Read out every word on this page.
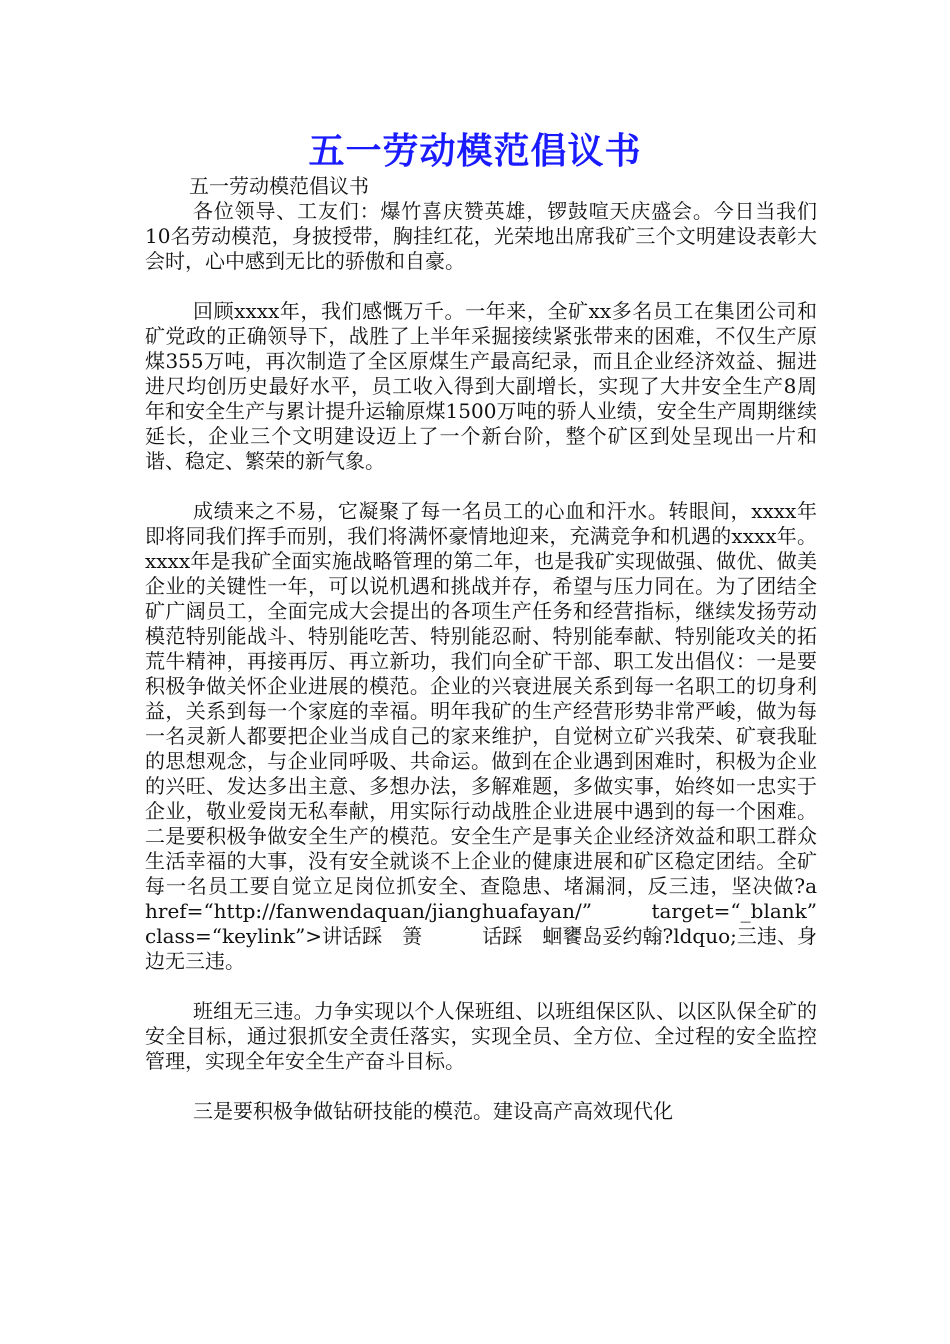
五一劳动模范倡议书

五一劳动模范倡议书

各位领导、工友们：爆竹喜庆赞英雄，锣鼓喧天庆盛会。今日当我们10名劳动模范，身披授带，胸挂红花，光荣地出席我矿三个文明建设表彰大会时，心中感到无比的骄傲和自豪。

回顾xxxx年，我们感慨万千。一年来，全矿xx多名员工在集团公司和矿党政的正确领导下，战胜了上半年采掘接续紧张带来的困难，不仅生产原煤355万吨，再次制造了全区原煤生产最高纪录，而且企业经济效益、掘进进尺均创历史最好水平，员工收入得到大副增长，实现了大井安全生产8周年和安全生产与累计提升运输原煤1500万吨的骄人业绩，安全生产周期继续延长，企业三个文明建设迈上了一个新台阶，整个矿区到处呈现出一片和谐、稳定、繁荣的新气象。

成绩来之不易，它凝聚了每一名员工的心血和汗水。转眼间，xxxx年即将同我们挥手而别，我们将满怀豪情地迎来，充满竞争和机遇的xxxx年。xxxx年是我矿全面实施战略管理的第二年，也是我矿实现做强、做优、做美企业的关键性一年，可以说机遇和挑战并存，希望与压力同在。为了团结全矿广阔员工，全面完成大会提出的各项生产任务和经营指标，继续发扬劳动模范特别能战斗、特别能吃苦、特别能忍耐、特别能奉献、特别能攻关的拓荒牛精神，再接再厉、再立新功，我们向全矿干部、职工发出倡仪：一是要积极争做关怀企业进展的模范。企业的兴衰进展关系到每一名职工的切身利益，关系到每一个家庭的幸福。明年我矿的生产经营形势非常严峻，做为每一名灵新人都要把企业当成自己的家来维护，自觉树立矿兴我荣、矿衰我耻的思想观念，与企业同呼吸、共命运。做到在企业遇到困难时，积极为企业的兴旺、发达多出主意、多想办法，多解难题，多做实事，始终如一忠实于企业，敬业爱岗无私奉献，用实际行动战胜企业进展中遇到的每一个困难。二是要积极争做安全生产的模范。安全生产是事关企业经济效益和职工群众生活幸福的大事，没有安全就谈不上企业的健康进展和矿区稳定团结。全矿每一名员工要自觉立足岗位抓安全、查隐患、堵漏洞，反三违，坚决做?a href=“http://fanwendaquan/jianghuafayan/” target=“_blank” class=“keylink”>讲话踩　箦　　　话踩　蛔饔岛妥约翰?ldquo;三违、身边无三违。

班组无三违。力争实现以个人保班组、以班组保区队、以区队保全矿的安全目标，通过狠抓安全责任落实，实现全员、全方位、全过程的安全监控管理，实现全年安全生产奋斗目标。

三是要积极争做钻研技能的模范。建设高产高效现代化
